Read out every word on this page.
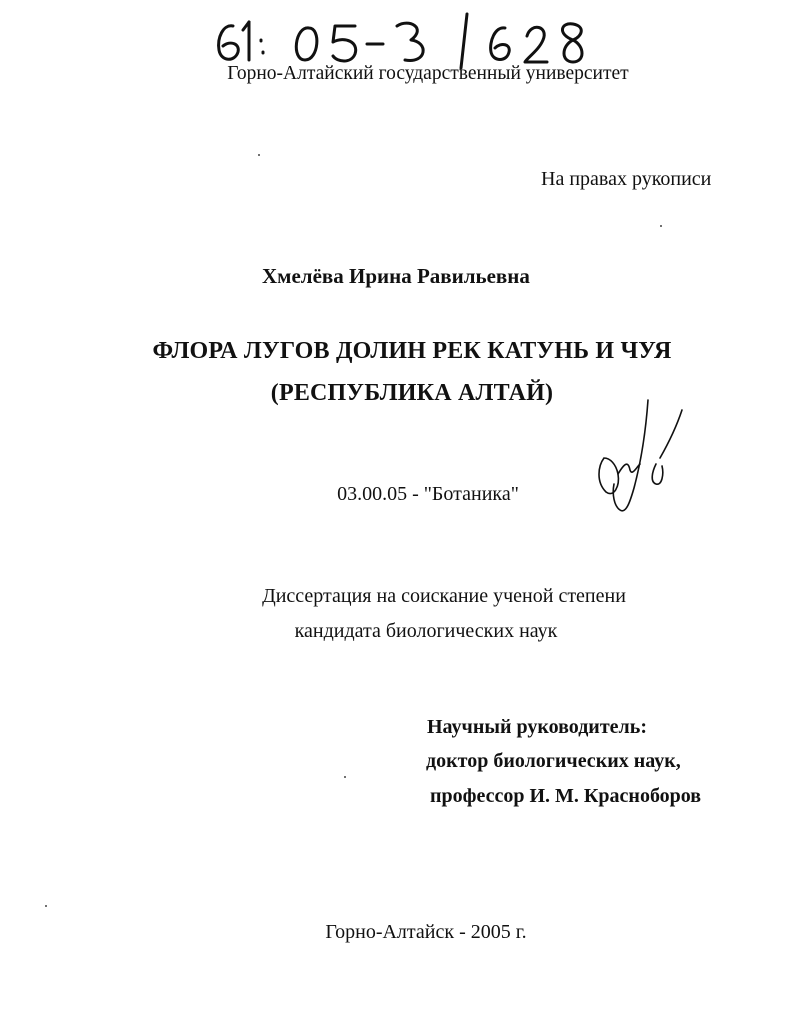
Горно-Алтайский государственный университет
На правах рукописи
Хмелёва Ирина Равильевна
ФЛОРА ЛУГОВ ДОЛИН РЕК КАТУНЬ И ЧУЯ
(РЕСПУБЛИКА АЛТАЙ)
03.00.05 - "Ботаника"
Диссертация на соискание ученой степени
кандидата биологических наук
Научный руководитель:
доктор биологических наук,
профессор И. М. Красноборов
Горно-Алтайск - 2005 г.
